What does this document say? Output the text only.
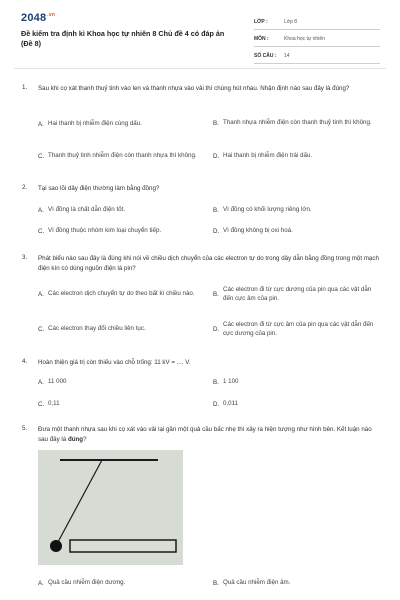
$2048^{.vn}$
Đề kiểm tra định kì Khoa học tự nhiên 8 Chủ đề 4 có đáp án (Đề 8)
LỚP :	Lớp 8
MÔN :	Khoa học tự nhiên
SỐ CÂU : 14
1. Sau khi cọ xát thanh thuỷ tinh vào len và thanh nhựa vào vải thì chúng hút nhau. Nhận định nào sau đây là đúng?
A. Hai thanh bị nhiễm điện cùng dấu.	B. Thanh nhựa nhiễm điện còn thanh thuỷ tinh thì không.
C. Thanh thuỷ tinh nhiễm điện còn thanh nhựa thì không.	D. Hai thanh bị nhiễm điện trái dấu.
2. Tại sao lõi dây điện thường làm bằng đồng?
A. Vì đồng là chất dẫn điện tốt.	B. Vì đồng có khối lượng riêng lớn.
C. Vì đồng thuộc nhóm kim loại chuyển tiếp.	D. Vì đồng không bị oxi hoá.
3. Phát biểu nào sau đây là đúng khi nói về chiều dịch chuyển của các electron tự do trong dây dẫn bằng đồng trong một mạch điện kín có dùng nguồn điện là pin?
A. Các electron dịch chuyển tự do theo bất kì chiều nào.	B.
Các electron đi từ cực dương của pin qua các vật dẫn đến cực âm của pin.
C. Các electron thay đổi chiều liên tục.	D.
Các electron đi từ cực âm của pin qua các vật dẫn đến cực dương của pin.
4. Hoàn thiện giá trị còn thiếu vào chỗ trống: 11 kV = .... V.
A. 11 000	B. 1 100
C. 0,11	D. 0,011
5. Đưa một thanh nhựa sau khi cọ xát vào vải lại gần một quả cầu bấc nhẹ thì xảy ra hiện tượng như hình bên. Kết luận nào sau đây là đúng?
A. Quả cầu nhiễm điện dương.	B. Quả cầu nhiễm điện âm.
